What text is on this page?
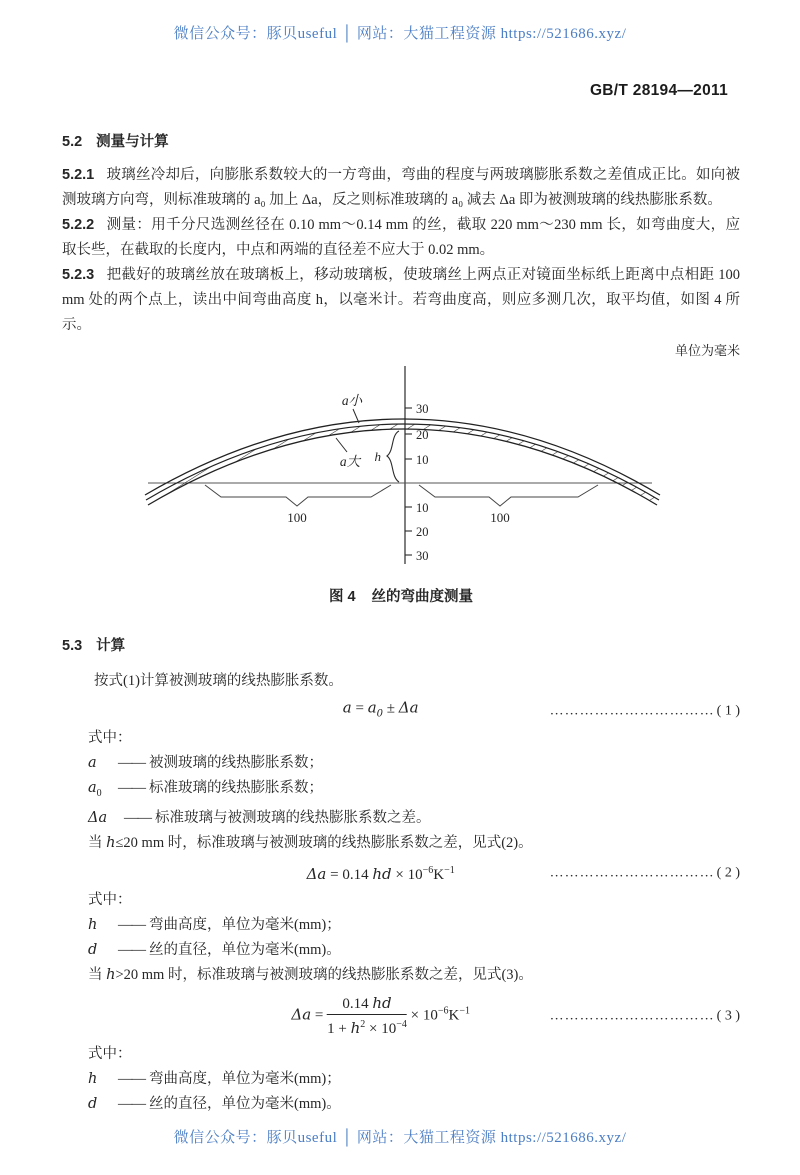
微信公众号：豚贝useful │ 网站：大猫工程资源 https://521686.xyz/
GB/T 28194—2011
5.2 测量与计算
5.2.1 玻璃丝冷却后，向膨胀系数较大的一方弯曲，弯曲的程度与两玻璃膨胀系数之差值成正比。如向被测玻璃方向弯，则标准玻璃的 a₀ 加上 Δa，反之则标准玻璃的 a₀ 减去 Δa 即为被测玻璃的线热膨胀系数。
5.2.2 测量：用千分尺选测丝径在 0.10 mm～0.14 mm 的丝，截取 220 mm～230 mm 长，如弯曲度大，应取长些，在截取的长度内，中点和两端的直径差不应大于 0.02 mm。
5.2.3 把截好的玻璃丝放在玻璃板上，移动玻璃板，使玻璃丝上两点正对镜面坐标纸上距离中点相距 100 mm 处的两个点上，读出中间弯曲高度 h，以毫米计。若弯曲度高，则应多测几次，取平均值，如图 4 所示。
单位为毫米
a小
a大 h
100	100
30
20
10
10
20
30
图 4 丝的弯曲度测量
5.3 计算
按式(1)计算被测玻璃的线热膨胀系数。
$a = a_0 \pm \Delta a$	…………………………… ( 1 )
式中：
a	—— 被测玻璃的线热膨胀系数；
$a_0$	—— 标准玻璃的线热膨胀系数；
Δa	—— 标准玻璃与被测玻璃的线热膨胀系数之差。
当 h≤20 mm 时，标准玻璃与被测玻璃的线热膨胀系数之差，见式(2)。
Δa = 0.14 hd × $10^{-6}K^{-1}$	…………………………… ( 2 )
式中：
h	—— 弯曲高度，单位为毫米(mm)；
d	—— 丝的直径，单位为毫米(mm)。
当 h>20 mm 时，标准玻璃与被测玻璃的线热膨胀系数之差，见式(3)。
$\Delta a = \frac{0.14 hd}{1 + h^2 \times 10^{-4}} \times 10^{-6}K^{-1}$	…………………………… ( 3 )
式中：
h	—— 弯曲高度，单位为毫米(mm)；
d	—— 丝的直径，单位为毫米(mm)。
微信公众号：豚贝useful │ 网站：大猫工程资源 https://521686.xyz/
